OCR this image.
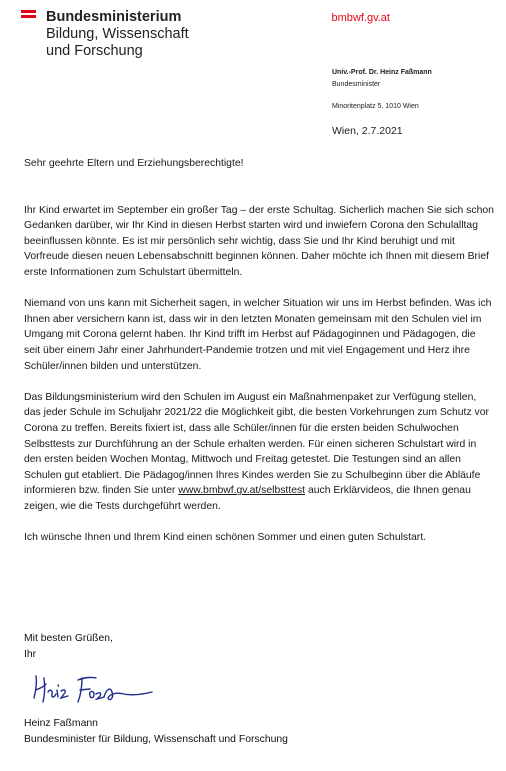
Bundesministerium
Bildung, Wissenschaft
und Forschung
bmbwf.gv.at
Univ.-Prof. Dr. Heinz Faßmann
Bundesminister
Minoritenplatz 5, 1010 Wien
Wien, 2.7.2021

Sehr geehrte Eltern und Erziehungsberechtigte!

Ihr Kind erwartet im September ein großer Tag – der erste Schultag. Sicherlich machen Sie sich schon Gedanken darüber, wir Ihr Kind in diesen Herbst starten wird und inwiefern Corona den Schulalltag beeinflussen könnte. Es ist mir persönlich sehr wichtig, dass Sie und Ihr Kind beruhigt und mit Vorfreude diesen neuen Lebensabschnitt beginnen können. Daher möchte ich Ihnen mit diesem Brief erste Informationen zum Schulstart übermitteln.

Niemand von uns kann mit Sicherheit sagen, in welcher Situation wir uns im Herbst befinden. Was ich Ihnen aber versichern kann ist, dass wir in den letzten Monaten gemeinsam mit den Schulen viel im Umgang mit Corona gelernt haben. Ihr Kind trifft im Herbst auf Pädagoginnen und Pädagogen, die seit über einem Jahr einer Jahrhundert-Pandemie trotzen und mit viel Engagement und Herz ihre Schüler/innen bilden und unterstützen.

Das Bildungsministerium wird den Schulen im August ein Maßnahmenpaket zur Verfügung stellen, das jeder Schule im Schuljahr 2021/22 die Möglichkeit gibt, die besten Vorkehrungen zum Schutz vor Corona zu treffen. Bereits fixiert ist, dass alle Schüler/innen für die ersten beiden Schulwochen Selbsttests zur Durchführung an der Schule erhalten werden. Für einen sicheren Schulstart wird in den ersten beiden Wochen Montag, Mittwoch und Freitag getestet. Die Testungen sind an allen Schulen gut etabliert. Die Pädagog/innen Ihres Kindes werden Sie zu Schulbeginn über die Abläufe informieren bzw. finden Sie unter www.bmbwf.gv.at/selbsttest auch Erklärvideos, die Ihnen genau zeigen, wie die Tests durchgeführt werden.

Ich wünsche Ihnen und Ihrem Kind einen schönen Sommer und einen guten Schulstart.

Mit besten Grüßen,
Ihr
Heinz Faßmann
Bundesminister für Bildung, Wissenschaft und Forschung
